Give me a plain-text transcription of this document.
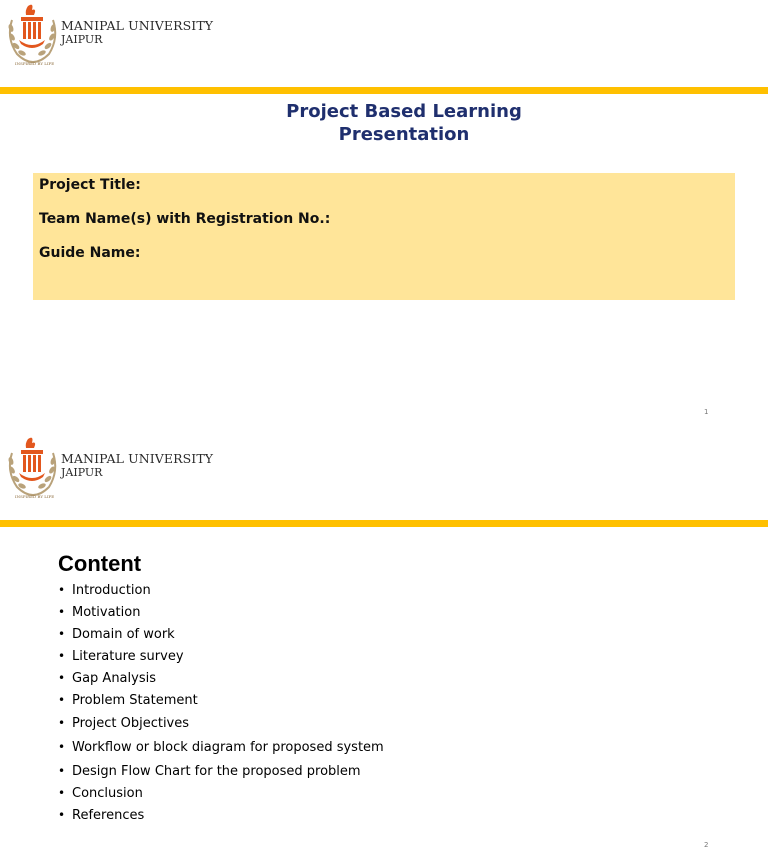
INSPIRED BY LIFE
MANIPAL UNIVERSITY
JAIPUR
Project Based Learning
Presentation
Project Title:
Team Name(s) with Registration No.:
Guide Name:
1
INSPIRED BY LIFE
MANIPAL UNIVERSITY
JAIPUR
Content
• Introduction
• Motivation
• Domain of work
• Literature survey
• Gap Analysis
• Problem Statement
• Project Objectives
• Workflow or block diagram for proposed system
• Design Flow Chart for the proposed problem
• Conclusion
• References
2
